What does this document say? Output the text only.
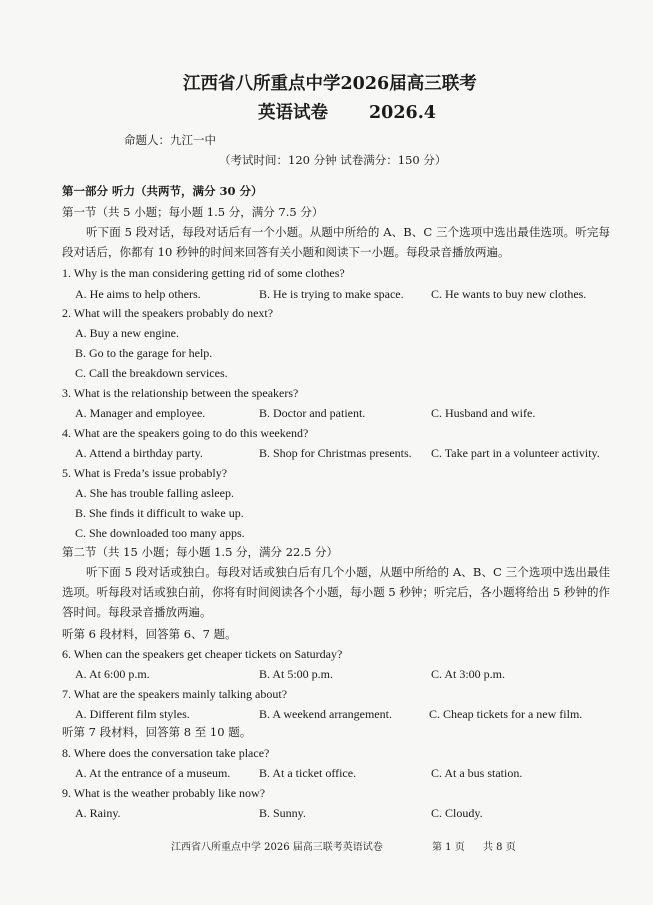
江西省八所重点中学2026届高三联考
英语试卷 2026.4
命题人：九江一中
（考试时间：120 分钟 试卷满分：150 分）
第一部分 听力（共两节，满分 30 分）
第一节（共 5 小题；每小题 1.5 分，满分 7.5 分）
听下面 5 段对话，每段对话后有一个小题。从题中所给的 A、B、C 三个选项中选出最佳选项。听完每段对话后，你都有 10 秒钟的时间来回答有关小题和阅读下一小题。每段录音播放两遍。
1. Why is the man considering getting rid of some clothes?
A. He aims to help others.	B. He is trying to make space. C. He wants to buy new clothes.
2. What will the speakers probably do next?
A. Buy a new engine.
B. Go to the garage for help.
C. Call the breakdown services.
3. What is the relationship between the speakers?
A. Manager and employee.	B. Doctor and patient.	C. Husband and wife.
4. What are the speakers going to do this weekend?
A. Attend a birthday party.	B. Shop for Christmas presents. C. Take part in a volunteer activity.
5. What is Freda’s issue probably?
A. She has trouble falling asleep.
B. She finds it difficult to wake up.
C. She downloaded too many apps.
第二节（共 15 小题；每小题 1.5 分，满分 22.5 分）
听下面 5 段对话或独白。每段对话或独白后有几个小题，从题中所给的 A、B、C 三个选项中选出最佳选项。听每段对话或独白前，你将有时间阅读各个小题，每小题 5 秒钟；听完后，各小题将给出 5 秒钟的作答时间。每段录音播放两遍。
听第 6 段材料，回答第 6、7 题。
6. When can the speakers get cheaper tickets on Saturday?
A. At 6:00 p.m.	B. At 5:00 p.m.	C. At 3:00 p.m.
7. What are the speakers mainly talking about?
A. Different film styles.	B. A weekend arrangement.	C. Cheap tickets for a new film.
听第 7 段材料，回答第 8 至 10 题。
8. Where does the conversation take place?
A. At the entrance of a museum. B. At a ticket office.	C. At a bus station.
9. What is the weather probably like now?
A. Rainy.	B. Sunny.	C. Cloudy.
江西省八所重点中学 2026 届高三联考英语试卷	第 1 页 共 8 页
